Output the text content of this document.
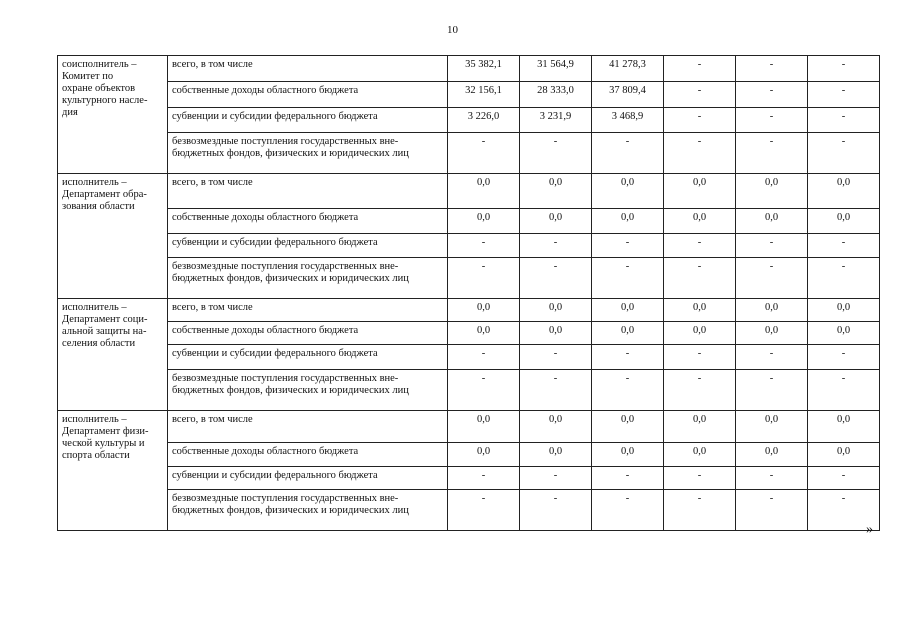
10
соисполнитель –
Комитет по
охране объектов
культурного насле-
дия	всего, в том числе	35 382,1	31 564,9	41 278,3	-	-	-
	собственные доходы областного бюджета	32 156,1	28 333,0	37 809,4	-	-	-
	субвенции и субсидии федерального бюджета	3 226,0	3 231,9	3 468,9	-	-	-
	безвозмездные поступления государственных вне-бюджетных фондов, физических и юридических лиц	-	-	-	-	-	-

исполнитель –
Департамент обра-
зования области	всего, в том числе	0,0	0,0	0,0	0,0	0,0	0,0
	собственные доходы областного бюджета	0,0	0,0	0,0	0,0	0,0	0,0
	субвенции и субсидии федерального бюджета	-	-	-	-	-	-
	безвозмездные поступления государственных вне-бюджетных фондов, физических и юридических лиц	-	-	-	-	-	-

исполнитель –
Департамент соци-
альной защиты на-
селения области	всего, в том числе	0,0	0,0	0,0	0,0	0,0	0,0
	собственные доходы областного бюджета	0,0	0,0	0,0	0,0	0,0	0,0
	субвенции и субсидии федерального бюджета	-	-	-	-	-	-
	безвозмездные поступления государственных вне-бюджетных фондов, физических и юридических лиц	-	-	-	-	-	-

исполнитель –
Департамент физи-
ческой культуры и
спорта области	всего, в том числе	0,0	0,0	0,0	0,0	0,0	0,0
	собственные доходы областного бюджета	0,0	0,0	0,0	0,0	0,0	0,0
	субвенции и субсидии федерального бюджета	-	-	-	-	-	-
	безвозмездные поступления государственных вне-бюджетных фондов, физических и юридических лиц	-	-	-	-	-	-
»
